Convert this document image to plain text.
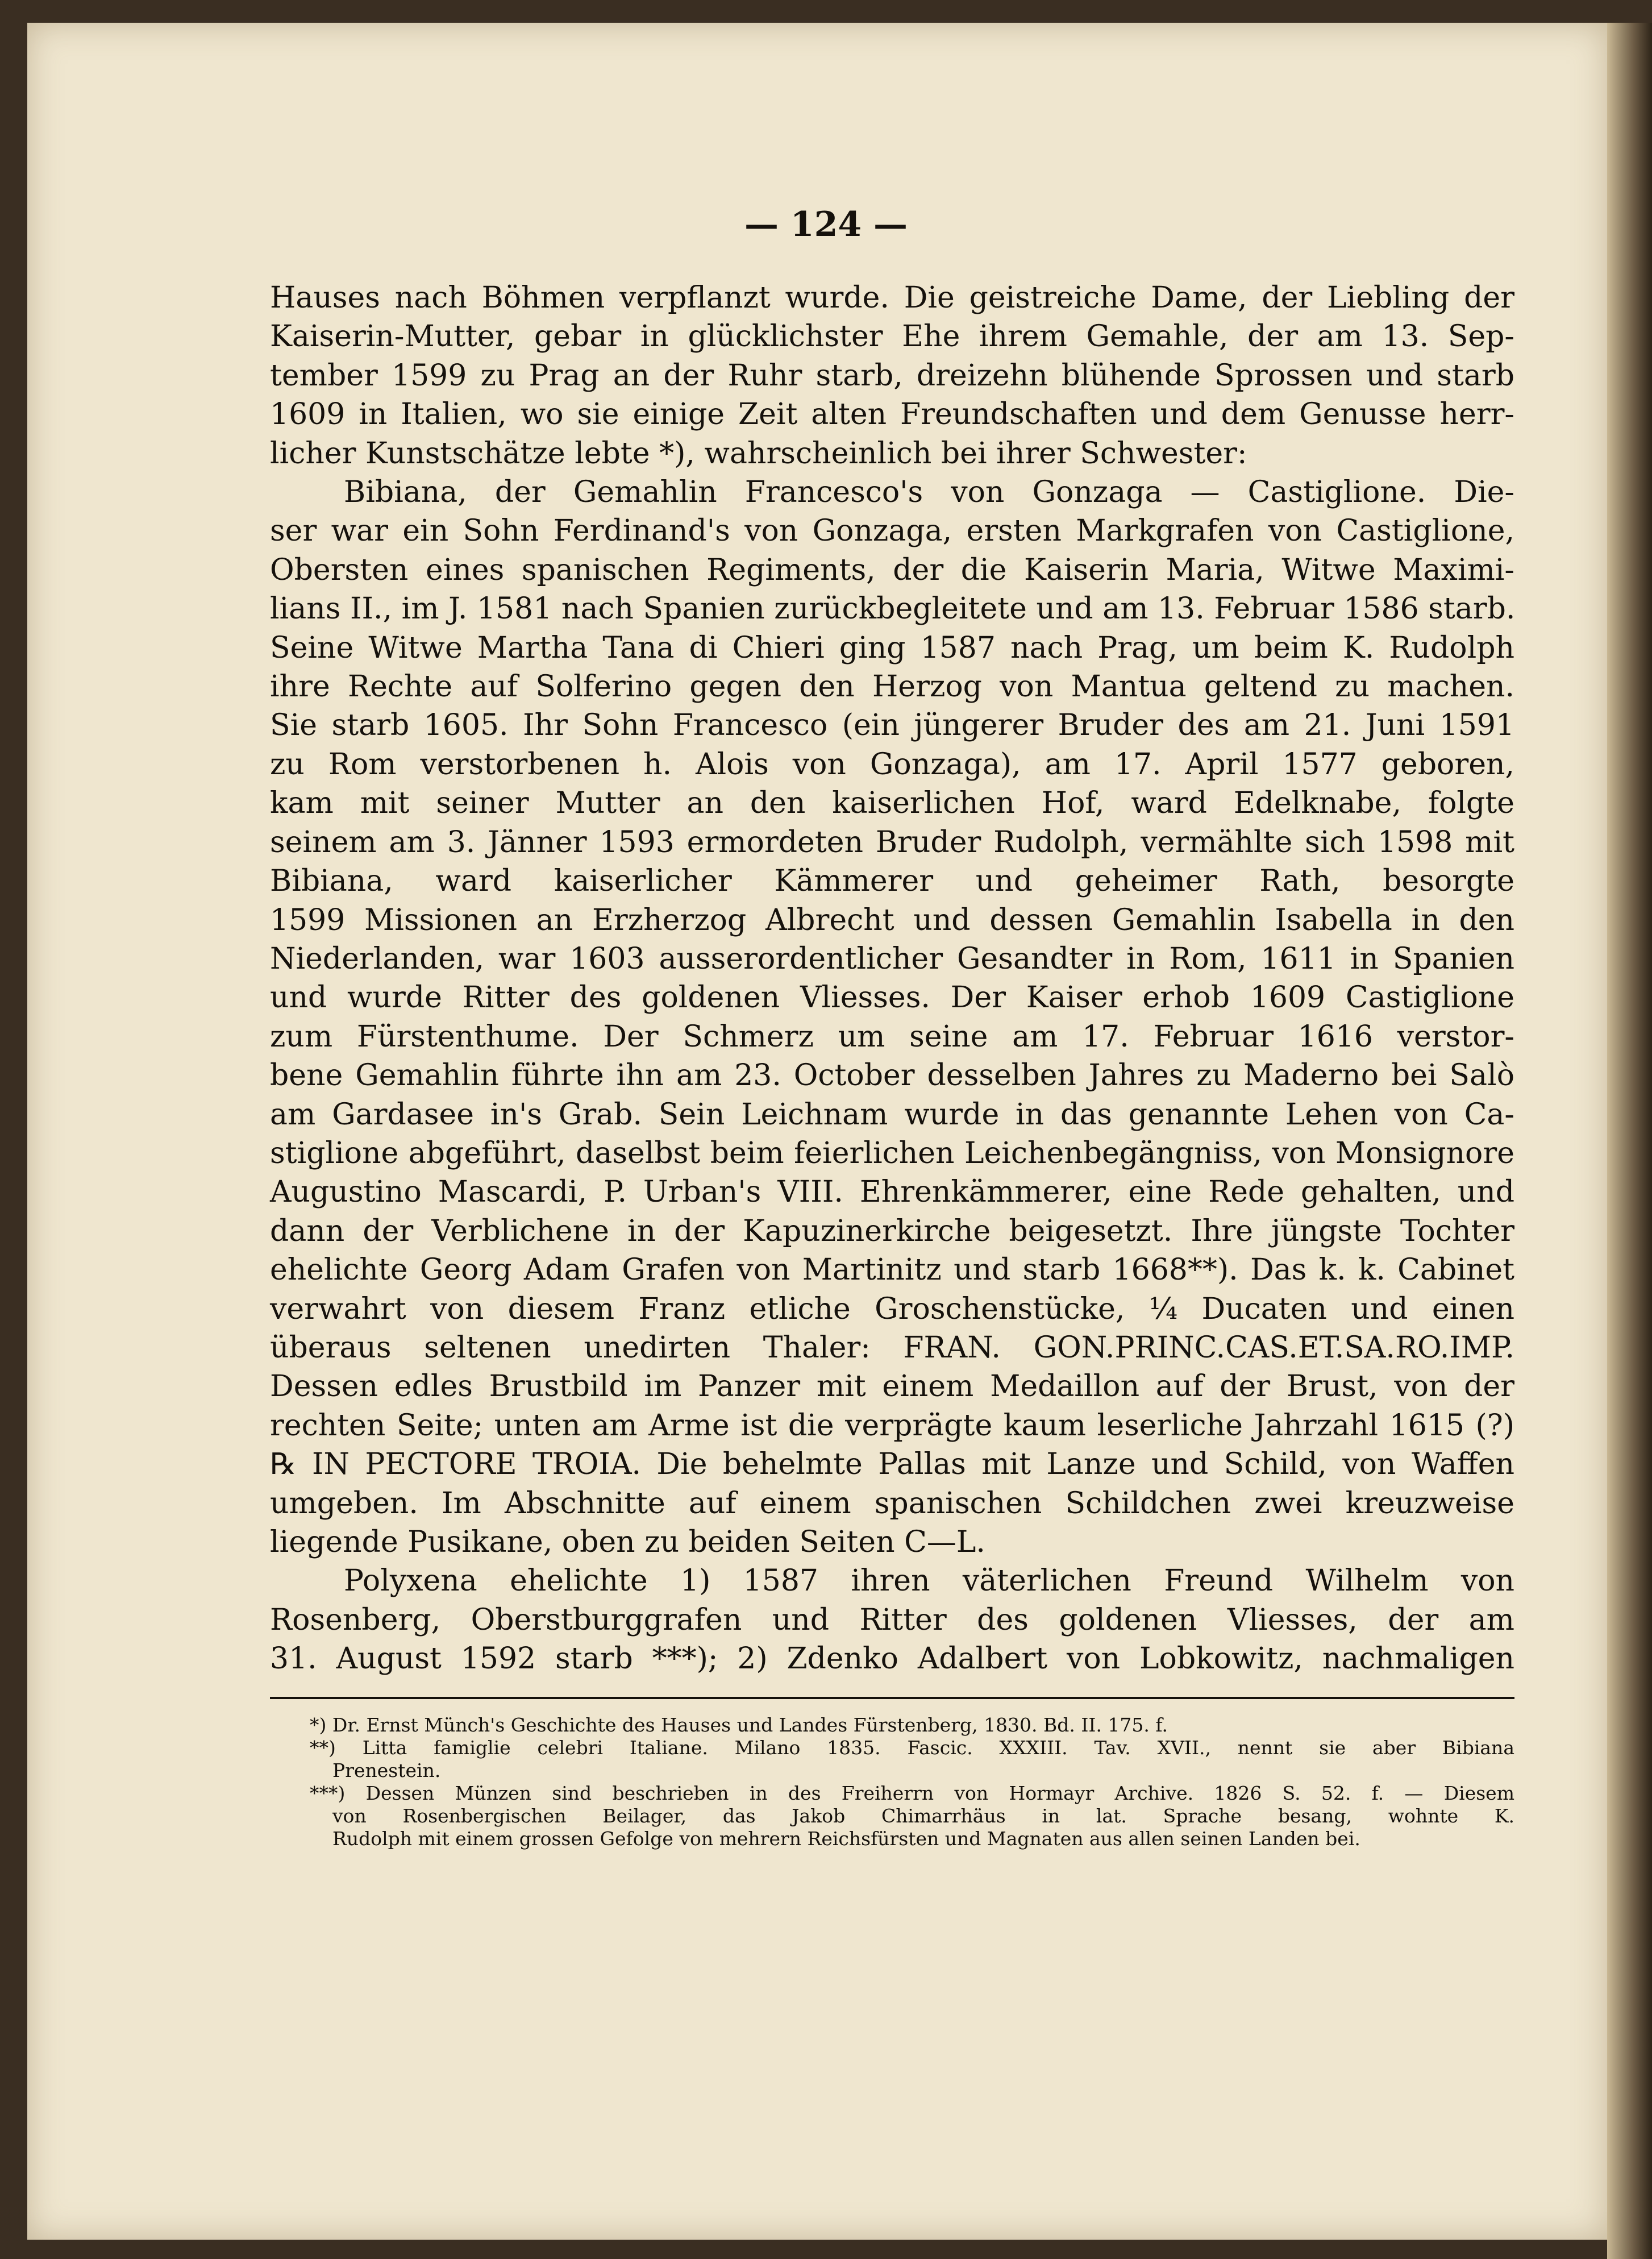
— 124 —
Hauses nach Böhmen verpflanzt wurde. Die geistreiche Dame, der Liebling der
Kaiserin-Mutter, gebar in glücklichster Ehe ihrem Gemahle, der am 13. Sep-
tember 1599 zu Prag an der Ruhr starb, dreizehn blühende Sprossen und starb
1609 in Italien, wo sie einige Zeit alten Freundschaften und dem Genusse herr-
licher Kunstschätze lebte *), wahrscheinlich bei ihrer Schwester:
Bibiana, der Gemahlin Francesco's von Gonzaga — Castiglione. Die-
ser war ein Sohn Ferdinand's von Gonzaga, ersten Markgrafen von Castiglione,
Obersten eines spanischen Regiments, der die Kaiserin Maria, Witwe Maximi-
lians II., im J. 1581 nach Spanien zurückbegleitete und am 13. Februar 1586 starb.
Seine Witwe Martha Tana di Chieri ging 1587 nach Prag, um beim K. Rudolph
ihre Rechte auf Solferino gegen den Herzog von Mantua geltend zu machen.
Sie starb 1605. Ihr Sohn Francesco (ein jüngerer Bruder des am 21. Juni 1591
zu Rom verstorbenen h. Alois von Gonzaga), am 17. April 1577 geboren,
kam mit seiner Mutter an den kaiserlichen Hof, ward Edelknabe, folgte
seinem am 3. Jänner 1593 ermordeten Bruder Rudolph, vermählte sich 1598 mit
Bibiana, ward kaiserlicher Kämmerer und geheimer Rath, besorgte
1599 Missionen an Erzherzog Albrecht und dessen Gemahlin Isabella in den
Niederlanden, war 1603 ausserordentlicher Gesandter in Rom, 1611 in Spanien
und wurde Ritter des goldenen Vliesses. Der Kaiser erhob 1609 Castiglione
zum Fürstenthume. Der Schmerz um seine am 17. Februar 1616 verstor-
bene Gemahlin führte ihn am 23. October desselben Jahres zu Maderno bei Salò
am Gardasee in's Grab. Sein Leichnam wurde in das genannte Lehen von Ca-
stiglione abgeführt, daselbst beim feierlichen Leichenbegängniss, von Monsignore
Augustino Mascardi, P. Urban's VIII. Ehrenkämmerer, eine Rede gehalten, und
dann der Verblichene in der Kapuzinerkirche beigesetzt. Ihre jüngste Tochter
ehelichte Georg Adam Grafen von Martinitz und starb 1668**). Das k. k. Cabinet
verwahrt von diesem Franz etliche Groschenstücke, ¼ Ducaten und einen
überaus seltenen unedirten Thaler: FRAN. GON.PRINC.CAS.ET.SA.RO.IMP.
Dessen edles Brustbild im Panzer mit einem Medaillon auf der Brust, von der
rechten Seite; unten am Arme ist die verprägte kaum leserliche Jahrzahl 1615 (?)
℞ IN PECTORE TROIA. Die behelmte Pallas mit Lanze und Schild, von Waffen
umgeben. Im Abschnitte auf einem spanischen Schildchen zwei kreuzweise
liegende Pusikane, oben zu beiden Seiten C—L.
Polyxena ehelichte 1) 1587 ihren väterlichen Freund Wilhelm von
Rosenberg, Oberstburggrafen und Ritter des goldenen Vliesses, der am
31. August 1592 starb ***); 2) Zdenko Adalbert von Lobkowitz, nachmaligen
*) Dr. Ernst Münch's Geschichte des Hauses und Landes Fürstenberg, 1830. Bd. II. 175. f.
**) Litta famiglie celebri Italiane. Milano 1835. Fascic. XXXIII. Tav. XVII., nennt sie aber Bibiana
Prenestein.
***) Dessen Münzen sind beschrieben in des Freiherrn von Hormayr Archive. 1826 S. 52. f. — Diesem
von Rosenbergischen Beilager, das Jakob Chimarrhäus in lat. Sprache besang, wohnte K.
Rudolph mit einem grossen Gefolge von mehrern Reichsfürsten und Magnaten aus allen seinen Landen bei.
